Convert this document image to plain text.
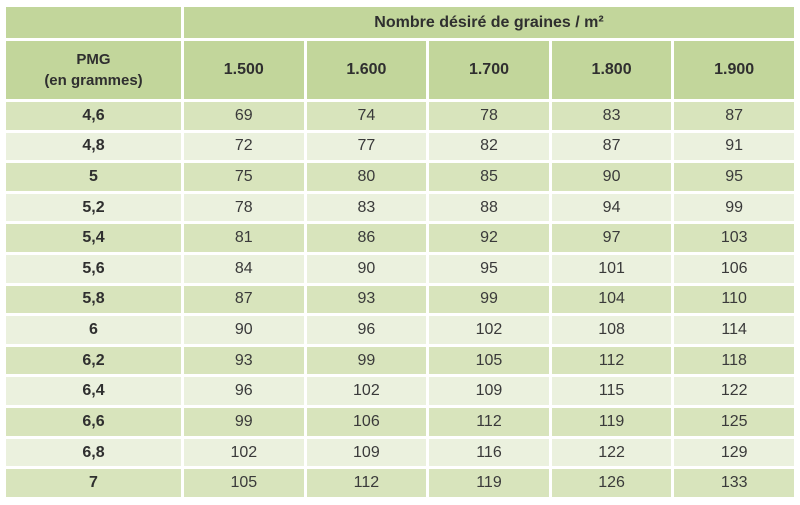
	Nombre désiré de graines / m²				

PMG
(en grammes)	1.500	1.600	1.700	1.800	1.900
4,6	69	74	78	83	87
4,8	72	77	82	87	91
5	75	80	85	90	95
5,2	78	83	88	94	99
5,4	81	86	92	97	103
5,6	84	90	95	101	106
5,8	87	93	99	104	110
6	90	96	102	108	114
6,2	93	99	105	112	118
6,4	96	102	109	115	122
6,6	99	106	112	119	125
6,8	102	109	116	122	129
7	105	112	119	126	133
